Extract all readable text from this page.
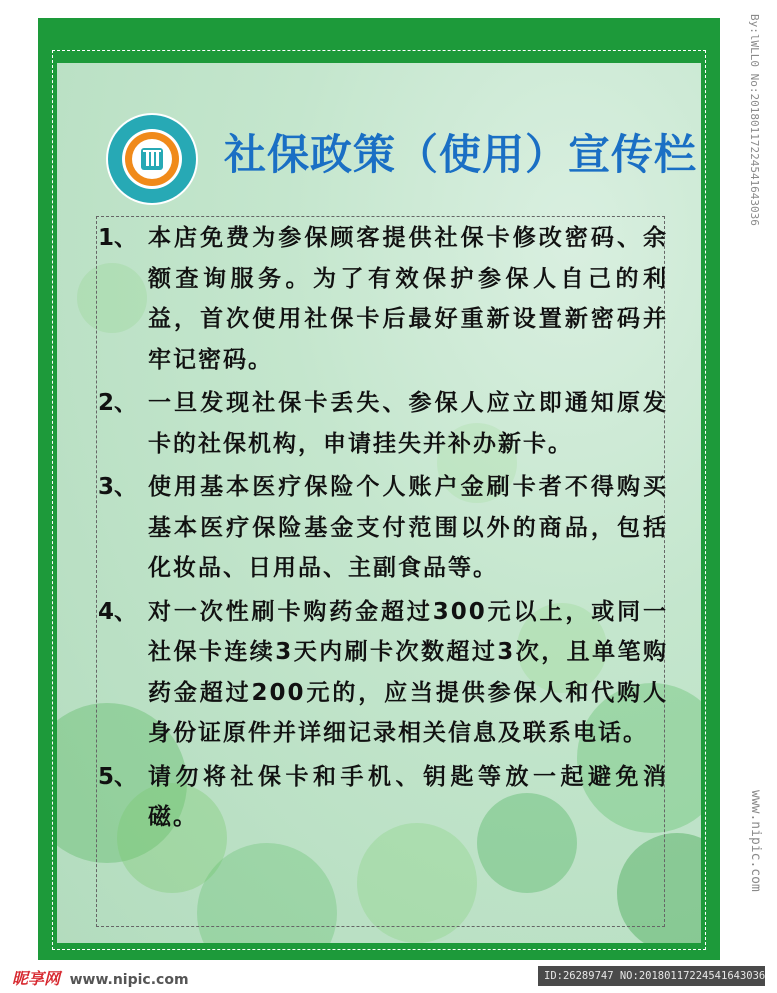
社保政策（使用）宣传栏
1、 本店免费为参保顾客提供社保卡修改密码、余额查询服务。为了有效保护参保人自己的利益，首次使用社保卡后最好重新设置新密码并牢记密码。
2、 一旦发现社保卡丢失、参保人应立即通知原发卡的社保机构，申请挂失并补办新卡。
3、 使用基本医疗保险个人账户金刷卡者不得购买基本医疗保险基金支付范围以外的商品，包括化妆品、日用品、主副食品等。
4、 对一次性刷卡购药金超过300元以上，或同一社保卡连续3天内刷卡次数超过3次，且单笔购药金超过200元的，应当提供参保人和代购人身份证原件并详细记录相关信息及联系电话。
5、 请勿将社保卡和手机、钥匙等放一起避免消磁。
By:lWLL0 No:20180117224541643036
www.nipic.com
昵享网 www.nipic.com	ID:26289747 NO:20180117224541643036
